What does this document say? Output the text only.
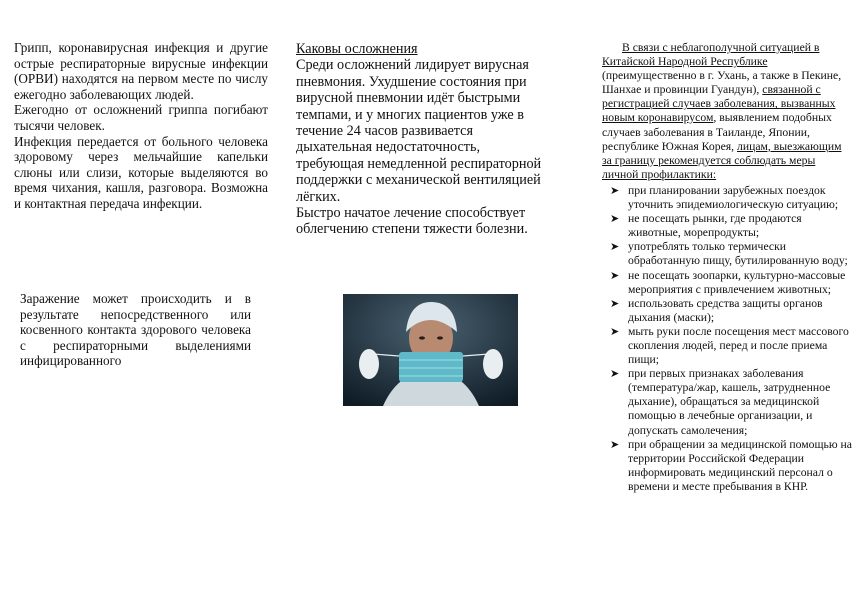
Грипп, коронавирусная инфекция и другие острые респираторные вирусные инфекции (ОРВИ) находятся на первом месте по числу ежегодно заболевающих людей.

Ежегодно от осложнений гриппа погибают тысячи человек.

Инфекция передается от больного человека здоровому через мельчайшие капельки слюны или слизи, которые выделяются во время чихания, кашля, разговора. Возможна и контактная передача инфекции.

Заражение может происходить и в результате непосредственного или косвенного контакта здорового человека с респираторными выделениями инфицированного

Каковы осложнения

Среди осложнений лидирует вирусная пневмония. Ухудшение состояния при вирусной пневмонии идёт быстрыми темпами, и у многих пациентов уже в течение 24 часов развивается дыхательная недостаточность, требующая немедленной респираторной поддержки с механической вентиляцией лёгких.

Быстро начатое лечение способствует облегчению степени тяжести болезни.

В связи с неблагополучной ситуацией в Китайской Народной Республике (преимущественно в г. Ухань, а также в Пекине, Шанхае и провинции Гуандун), связанной с регистрацией случаев заболевания, вызванных новым коронавирусом, выявлением подобных случаев заболевания в Таиланде, Японии, республике Южная Корея, лицам, выезжающим за границу рекомендуется соблюдать меры личной профилактики:

➤ при планировании зарубежных поездок уточнить эпидемиологическую ситуацию;
➤ не посещать рынки, где продаются животные, морепродукты;
➤ употреблять только термически обработанную пищу, бутилированную воду;
➤ не посещать зоопарки, культурно-массовые мероприятия с привлечением животных;
➤ использовать средства защиты органов дыхания (маски);
➤ мыть руки после посещения мест массового скопления людей, перед и после приема пищи;
➤ при первых признаках заболевания (температура/жар, кашель, затрудненное дыхание), обращаться за медицинской помощью в лечебные организации, и допускать самолечения;
➤ при обращении за медицинской помощью на территории Российской Федерации информировать медицинский персонал о времени и месте пребывания в КНР.
